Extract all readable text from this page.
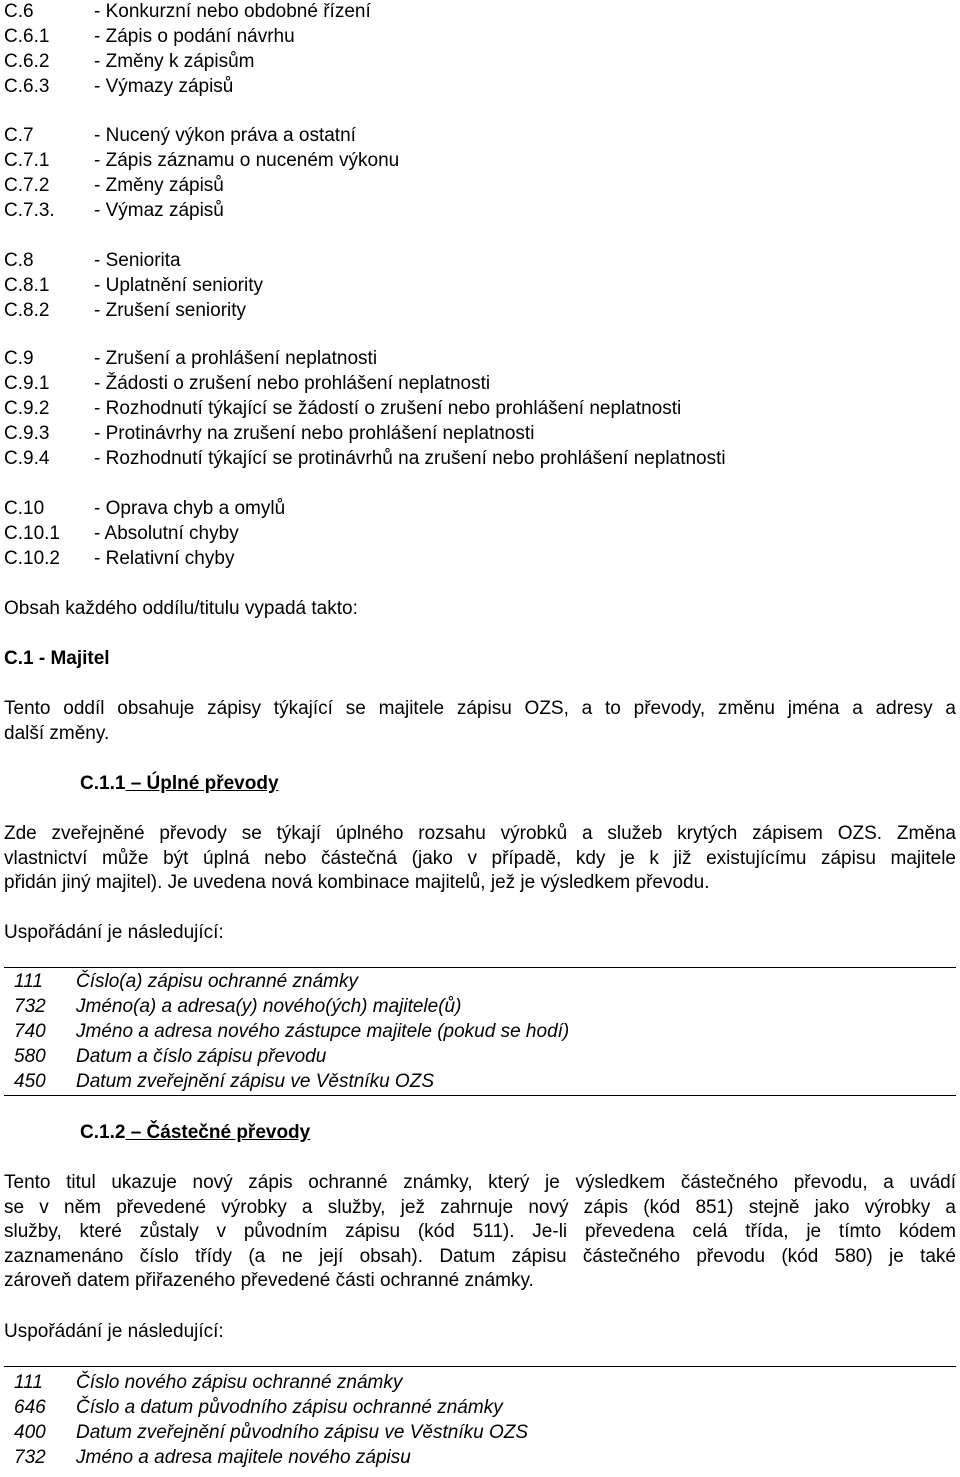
C.6	- Konkurzní nebo obdobné řízení
C.6.1 - Zápis o podání návrhu
C.6.2 - Změny k zápisům
C.6.3 - Výmazy zápisů
C.7	- Nucený výkon práva a ostatní
C.7.1 - Zápis záznamu o nuceném výkonu
C.7.2 - Změny zápisů
C.7.3. - Výmaz zápisů
C.8	- Seniorita
C.8.1 - Uplatnění seniority
C.8.2 - Zrušení seniority
C.9	- Zrušení a prohlášení neplatnosti
C.9.1 - Žádosti o zrušení nebo prohlášení neplatnosti
C.9.2 - Rozhodnutí týkající se žádostí o zrušení nebo prohlášení neplatnosti
C.9.3 - Protinávrhy na zrušení nebo prohlášení neplatnosti
C.9.4 - Rozhodnutí týkající se protinávrhů na zrušení nebo prohlášení neplatnosti
C.10	- Oprava chyb a omylů
C.10.1 - Absolutní chyby
C.10.2 - Relativní chyby
Obsah každého oddílu/titulu vypadá takto:
C.1 - Majitel
Tento oddíl obsahuje zápisy týkající se majitele zápisu OZS, a to převody, změnu jména a adresy a
další změny.
C.1.1 – Úplné převody
Zde zveřejněné převody se týkají úplného rozsahu výrobků a služeb krytých zápisem OZS. Změna
vlastnictví může být úplná nebo částečná (jako v případě, kdy je k již existujícímu zápisu majitele
přidán jiný majitel). Je uvedena nová kombinace majitelů, jež je výsledkem převodu.
Uspořádání je následující:
111 Číslo(a) zápisu ochranné známky
732 Jméno(a) a adresa(y) nového(ých) majitele(ů)
740 Jméno a adresa nového zástupce majitele (pokud se hodí)
580 Datum a číslo zápisu převodu
450 Datum zveřejnění zápisu ve Věstníku OZS
C.1.2 – Částečné převody
Tento titul ukazuje nový zápis ochranné známky, který je výsledkem částečného převodu, a uvádí
se v něm převedené výrobky a služby, jež zahrnuje nový zápis (kód 851) stejně jako výrobky a
služby, které zůstaly v původním zápisu (kód 511). Je-li převedena celá třída, je tímto kódem
zaznamenáno číslo třídy (a ne její obsah). Datum zápisu částečného převodu (kód 580) je také
zároveň datem přiřazeného převedené části ochranné známky.
Uspořádání je následující:
111 Číslo nového zápisu ochranné známky
646 Číslo a datum původního zápisu ochranné známky
400 Datum zveřejnění původního zápisu ve Věstníku OZS
732 Jméno a adresa majitele nového zápisu
